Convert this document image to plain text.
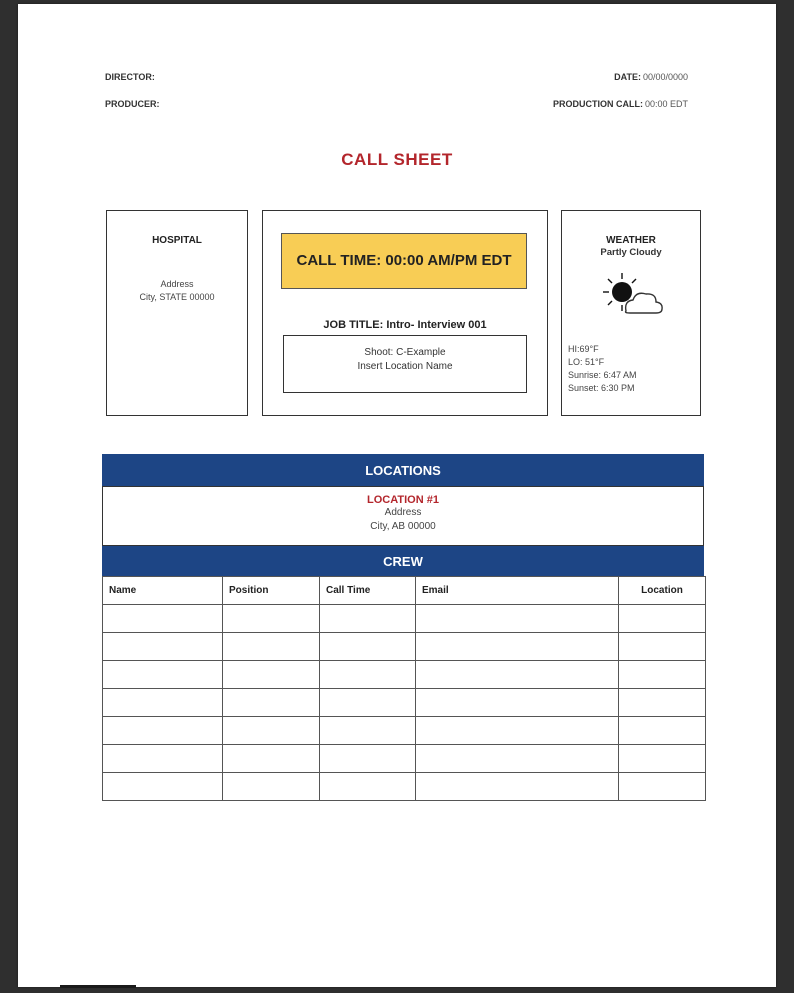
DIRECTOR:
PRODUCER:
DATE: 00/00/0000
PRODUCTION CALL: 00:00 EDT
CALL SHEET
HOSPITAL
Address
City, STATE 00000
CALL TIME: 00:00 AM/PM EDT
JOB TITLE: Intro- Interview 001
Shoot: C-Example
Insert Location Name
WEATHER
Partly Cloudy
HI:69°F
LO: 51°F
Sunrise: 6:47 AM
Sunset: 6:30 PM
LOCATIONS
LOCATION #1
Address
City, AB 00000
CREW
Name	Position	Call Time	Email	Location
